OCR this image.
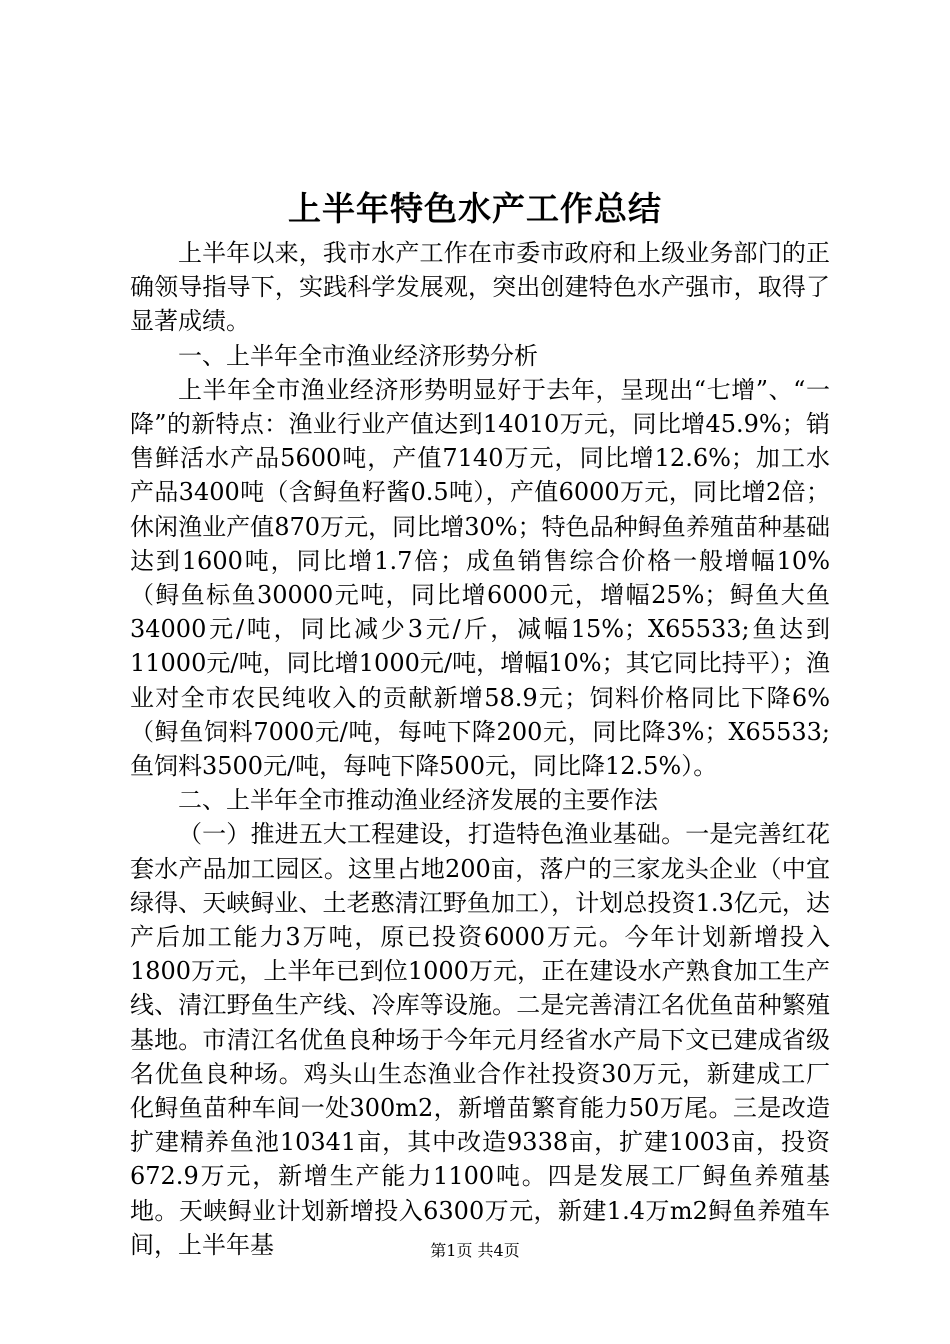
上半年特色水产工作总结

上半年以来，我市水产工作在市委市政府和上级业务部门的正确领导指导下，实践科学发展观，突出创建特色水产强市，取得了显著成绩。

一、上半年全市渔业经济形势分析

上半年全市渔业经济形势明显好于去年，呈现出“七增”、“一降”的新特点：渔业行业产值达到14010万元，同比增45.9%；销售鲜活水产品5600吨，产值7140万元，同比增12.6%；加工水产品3400吨（含鲟鱼籽酱0.5吨），产值6000万元，同比增2倍；休闲渔业产值870万元，同比增30%；特色品种鲟鱼养殖苗种基础达到1600吨，同比增1.7倍；成鱼销售综合价格一般增幅10%（鲟鱼标鱼30000元吨，同比增6000元，增幅25%；鲟鱼大鱼34000元/吨，同比减少3元/斤，减幅15%；X65533;鱼达到11000元/吨，同比增1000元/吨，增幅10%；其它同比持平）；渔业对全市农民纯收入的贡献新增58.9元；饲料价格同比下降6%（鲟鱼饲料7000元/吨，每吨下降200元，同比降3%；X65533;鱼饲料3500元/吨，每吨下降500元，同比降12.5%）。

二、上半年全市推动渔业经济发展的主要作法

（一）推进五大工程建设，打造特色渔业基础。一是完善红花套水产品加工园区。这里占地200亩，落户的三家龙头企业（中宜绿得、天峡鲟业、土老憨清江野鱼加工），计划总投资1.3亿元，达产后加工能力3万吨，原已投资6000万元。今年计划新增投入1800万元，上半年已到位1000万元，正在建设水产熟食加工生产线、清江野鱼生产线、冷库等设施。二是完善清江名优鱼苗种繁殖基地。市清江名优鱼良种场于今年元月经省水产局下文已建成省级名优鱼良种场。鸡头山生态渔业合作社投资30万元，新建成工厂化鲟鱼苗种车间一处300m2，新增苗繁育能力50万尾。三是改造扩建精养鱼池10341亩，其中改造9338亩，扩建1003亩，投资672.9万元，新增生产能力1100吨。四是发展工厂鲟鱼养殖基地。天峡鲟业计划新增投入6300万元，新建1.4万m2鲟鱼养殖车间，上半年基	第1页 共4页
